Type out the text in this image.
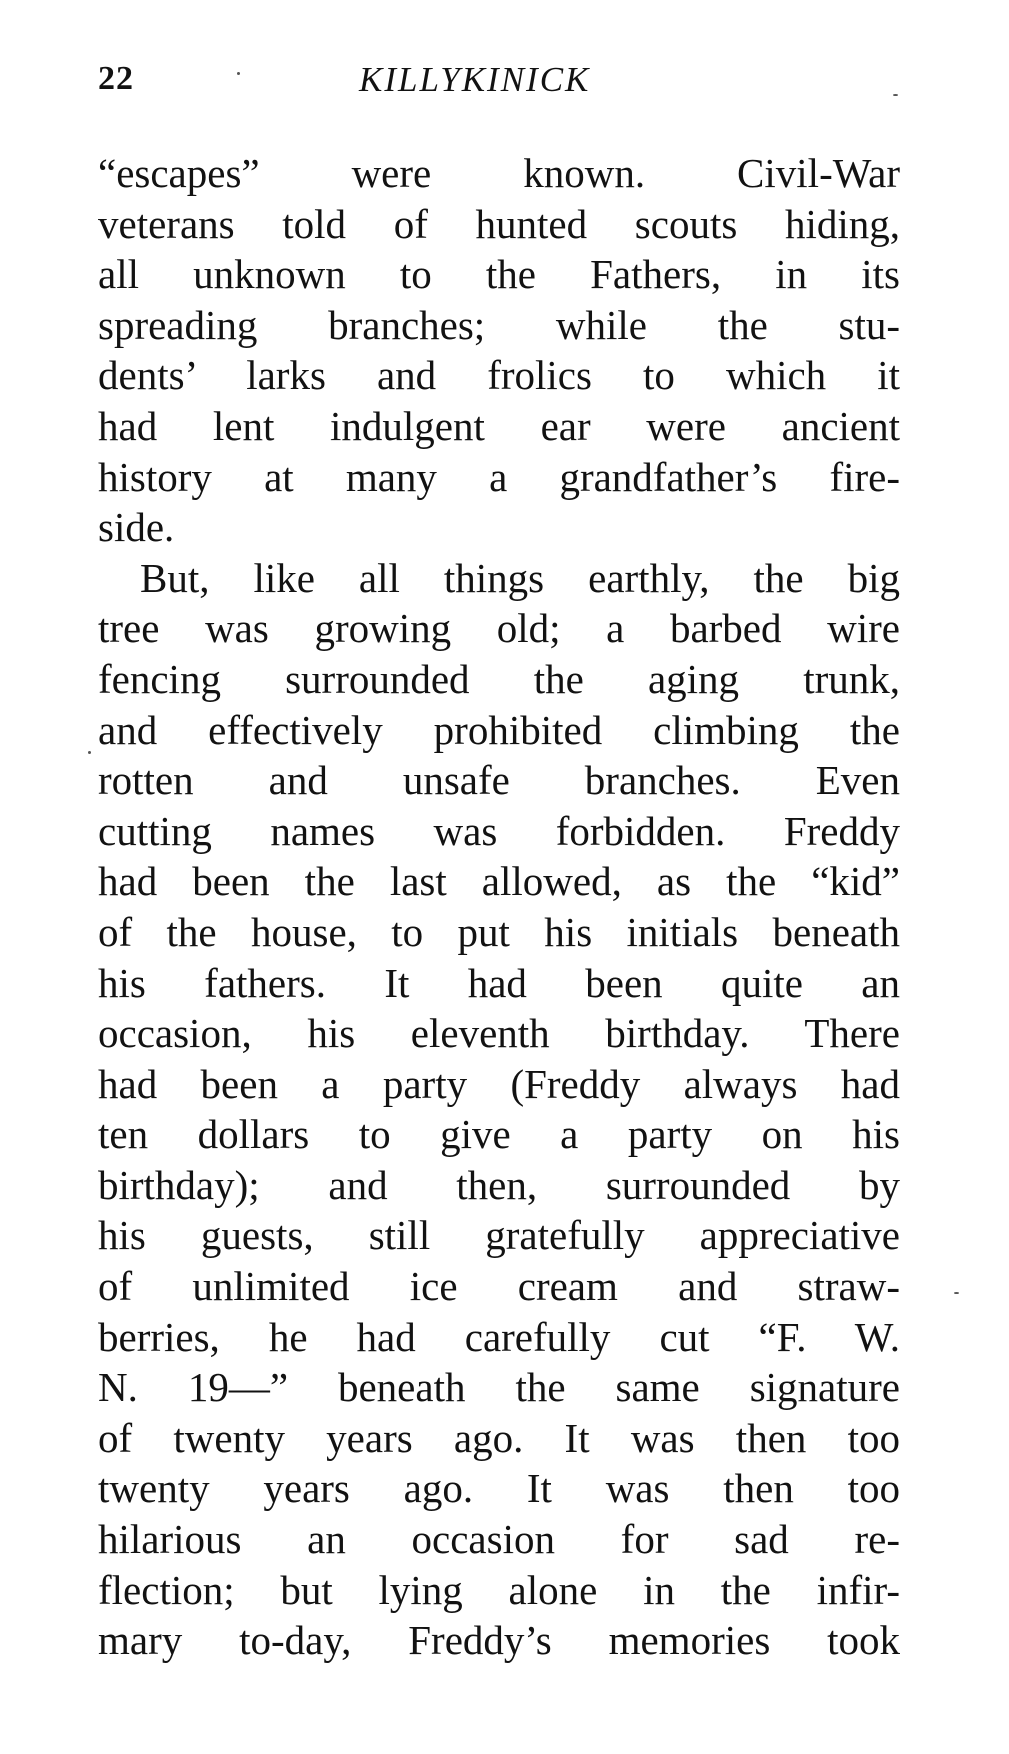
22	KILLYKINICK
“escapes” were known. Civil-War
veterans told of hunted scouts hiding,
all unknown to the Fathers, in its
spreading branches; while the stu-
dents’ larks and frolics to which it
had lent indulgent ear were ancient
history at many a grandfather’s fire-
side.
But, like all things earthly, the big
tree was growing old; a barbed wire
fencing surrounded the aging trunk,
and effectively prohibited climbing the
rotten and unsafe branches. Even
cutting names was forbidden. Freddy
had been the last allowed, as the “kid”
of the house, to put his initials beneath
his fathers. It had been quite an
occasion, his eleventh birthday. There
had been a party (Freddy always had
ten dollars to give a party on his
birthday); and then, surrounded by
his guests, still gratefully appreciative
of unlimited ice cream and straw-
berries, he had carefully cut “F. W.
N. 19—” beneath the same signature
of twenty years ago. It was then too
twenty years ago. It was then too
hilarious an occasion for sad re-
flection; but lying alone in the infir-
mary to-day, Freddy’s memories took
